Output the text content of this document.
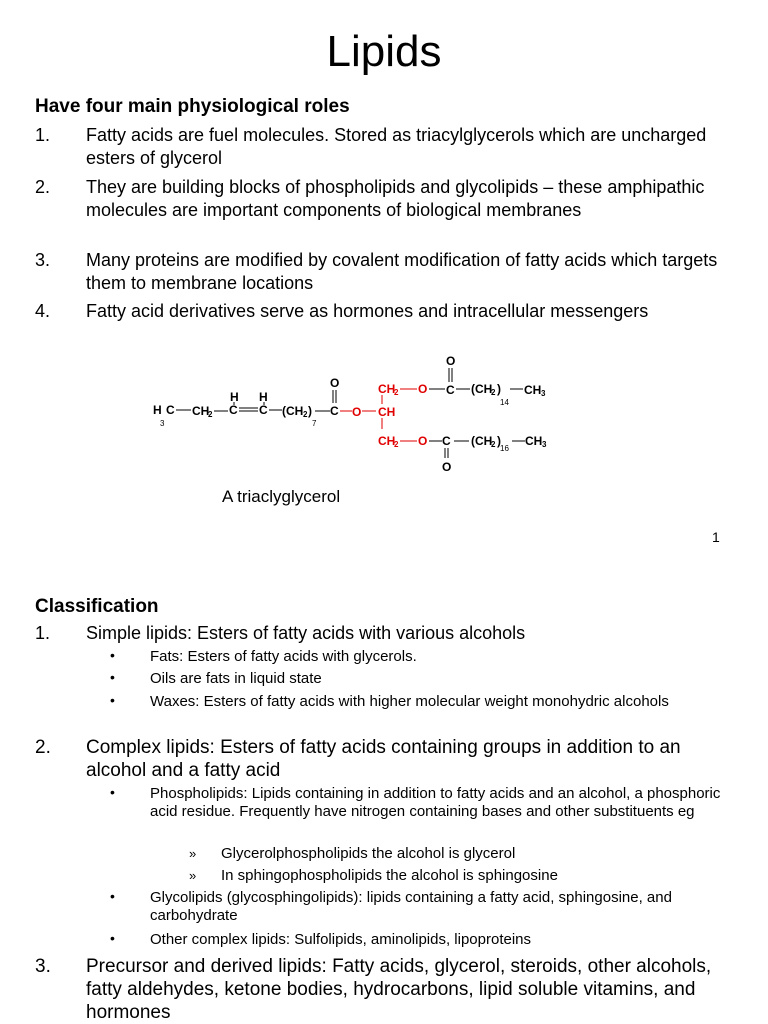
Lipids
Have four main physiological roles
1. Fatty acids are fuel molecules. Stored as triacylglycerols which are uncharged esters of glycerol
2. They are building blocks of phospholipids and glycolipids – these amphipathic molecules are important components of biological membranes
3. Many proteins are modified by covalent modification of fatty acids which targets them to membrane locations
4. Fatty acid derivatives serve as hormones and intracellular messengers
H C
3
CH
2
H
C
H
C (CH 2 )
7
O
C O CH
CH
2
CH
2
O
O
O
C (CH
2 )
14
CH 3
C
O
(CH
2 )
16
CH 3
A triaclyglycerol
1
Classification
1. Simple lipids: Esters of fatty acids with various alcohols
• Fats: Esters of fatty acids with glycerols.
• Oils are fats in liquid state
• Waxes: Esters of fatty acids with higher molecular weight monohydric alcohols
2. Complex lipids: Esters of fatty acids containing groups in addition to an alcohol and a fatty acid
• Phospholipids: Lipids containing in addition to fatty acids and an alcohol, a phosphoric acid residue. Frequently have nitrogen containing bases and other substituents eg
» Glycerolphospholipids the alcohol is glycerol
» In sphingophospholipids the alcohol is sphingosine
• Glycolipids (glycosphingolipids): lipids containing a fatty acid, sphingosine, and carbohydrate
• Other complex lipids: Sulfolipids, aminolipids, lipoproteins
3. Precursor and derived lipids: Fatty acids, glycerol, steroids, other alcohols, fatty aldehydes, ketone bodies, hydrocarbons, lipid soluble vitamins, and hormones
